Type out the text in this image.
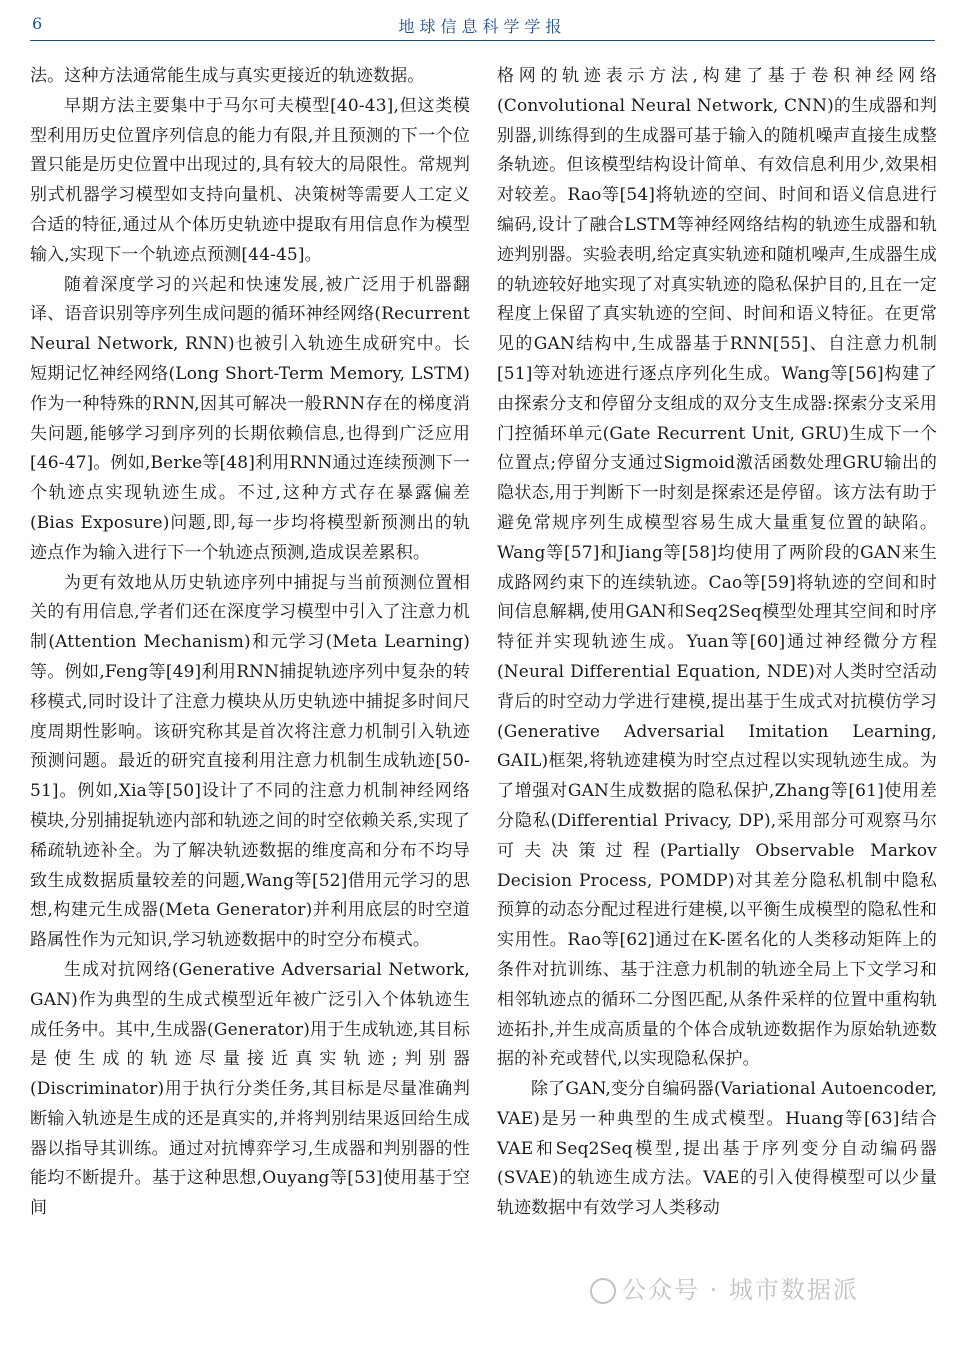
6	地球信息科学学报

法。这种方法通常能生成与真实更接近的轨迹数据。

早期方法主要集中于马尔可夫模型[40-43],但这类模型利用历史位置序列信息的能力有限,并且预测的下一个位置只能是历史位置中出现过的,具有较大的局限性。常规判别式机器学习模型如支持向量机、决策树等需要人工定义合适的特征,通过从个体历史轨迹中提取有用信息作为模型输入,实现下一个轨迹点预测[44-45]。

随着深度学习的兴起和快速发展,被广泛用于机器翻译、语音识别等序列生成问题的循环神经网络(Recurrent Neural Network, RNN)也被引入轨迹生成研究中。长短期记忆神经网络(Long Short-Term Memory, LSTM)作为一种特殊的RNN,因其可解决一般RNN存在的梯度消失问题,能够学习到序列的长期依赖信息,也得到广泛应用[46-47]。例如,Berke等[48]利用RNN通过连续预测下一个轨迹点实现轨迹生成。不过,这种方式存在暴露偏差(Bias Exposure)问题,即,每一步均将模型新预测出的轨迹点作为输入进行下一个轨迹点预测,造成误差累积。

为更有效地从历史轨迹序列中捕捉与当前预测位置相关的有用信息,学者们还在深度学习模型中引入了注意力机制(Attention Mechanism)和元学习(Meta Learning)等。例如,Feng等[49]利用RNN捕捉轨迹序列中复杂的转移模式,同时设计了注意力模块从历史轨迹中捕捉多时间尺度周期性影响。该研究称其是首次将注意力机制引入轨迹预测问题。最近的研究直接利用注意力机制生成轨迹[50-51]。例如,Xia等[50]设计了不同的注意力机制神经网络模块,分别捕捉轨迹内部和轨迹之间的时空依赖关系,实现了稀疏轨迹补全。为了解决轨迹数据的维度高和分布不均导致生成数据质量较差的问题,Wang等[52]借用元学习的思想,构建元生成器(Meta Generator)并利用底层的时空道路属性作为元知识,学习轨迹数据中的时空分布模式。

生成对抗网络(Generative Adversarial Network, GAN)作为典型的生成式模型近年被广泛引入个体轨迹生成任务中。其中,生成器(Generator)用于生成轨迹,其目标是使生成的轨迹尽量接近真实轨迹;判别器(Discriminator)用于执行分类任务,其目标是尽量准确判断输入轨迹是生成的还是真实的,并将判别结果返回给生成器以指导其训练。通过对抗博弈学习,生成器和判别器的性能均不断提升。基于这种思想,Ouyang等[53]使用基于空间

格网的轨迹表示方法,构建了基于卷积神经网络(Convolutional Neural Network, CNN)的生成器和判别器,训练得到的生成器可基于输入的随机噪声直接生成整条轨迹。但该模型结构设计简单、有效信息利用少,效果相对较差。Rao等[54]将轨迹的空间、时间和语义信息进行编码,设计了融合LSTM等神经网络结构的轨迹生成器和轨迹判别器。实验表明,给定真实轨迹和随机噪声,生成器生成的轨迹较好地实现了对真实轨迹的隐私保护目的,且在一定程度上保留了真实轨迹的空间、时间和语义特征。在更常见的GAN结构中,生成器基于RNN[55]、自注意力机制[51]等对轨迹进行逐点序列化生成。Wang等[56]构建了由探索分支和停留分支组成的双分支生成器:探索分支采用门控循环单元(Gate Recurrent Unit, GRU)生成下一个位置点;停留分支通过Sigmoid激活函数处理GRU输出的隐状态,用于判断下一时刻是探索还是停留。该方法有助于避免常规序列生成模型容易生成大量重复位置的缺陷。Wang等[57]和Jiang等[58]均使用了两阶段的GAN来生成路网约束下的连续轨迹。Cao等[59]将轨迹的空间和时间信息解耦,使用GAN和Seq2Seq模型处理其空间和时序特征并实现轨迹生成。Yuan等[60]通过神经微分方程(Neural Differential Equation, NDE)对人类时空活动背后的时空动力学进行建模,提出基于生成式对抗模仿学习(Generative Adversarial Imitation Learning, GAIL)框架,将轨迹建模为时空点过程以实现轨迹生成。为了增强对GAN生成数据的隐私保护,Zhang等[61]使用差分隐私(Differential Privacy, DP),采用部分可观察马尔可夫决策过程(Partially Observable Markov Decision Process, POMDP)对其差分隐私机制中隐私预算的动态分配过程进行建模,以平衡生成模型的隐私性和实用性。Rao等[62]通过在K-匿名化的人类移动矩阵上的条件对抗训练、基于注意力机制的轨迹全局上下文学习和相邻轨迹点的循环二分图匹配,从条件采样的位置中重构轨迹拓扑,并生成高质量的个体合成轨迹数据作为原始轨迹数据的补充或替代,以实现隐私保护。

除了GAN,变分自编码器(Variational Autoencoder, VAE)是另一种典型的生成式模型。Huang等[63]结合VAE和Seq2Seq模型,提出基于序列变分自动编码器(SVAE)的轨迹生成方法。VAE的引入使得模型可以少量轨迹数据中有效学习人类移动

公众号 · 城市数据派
